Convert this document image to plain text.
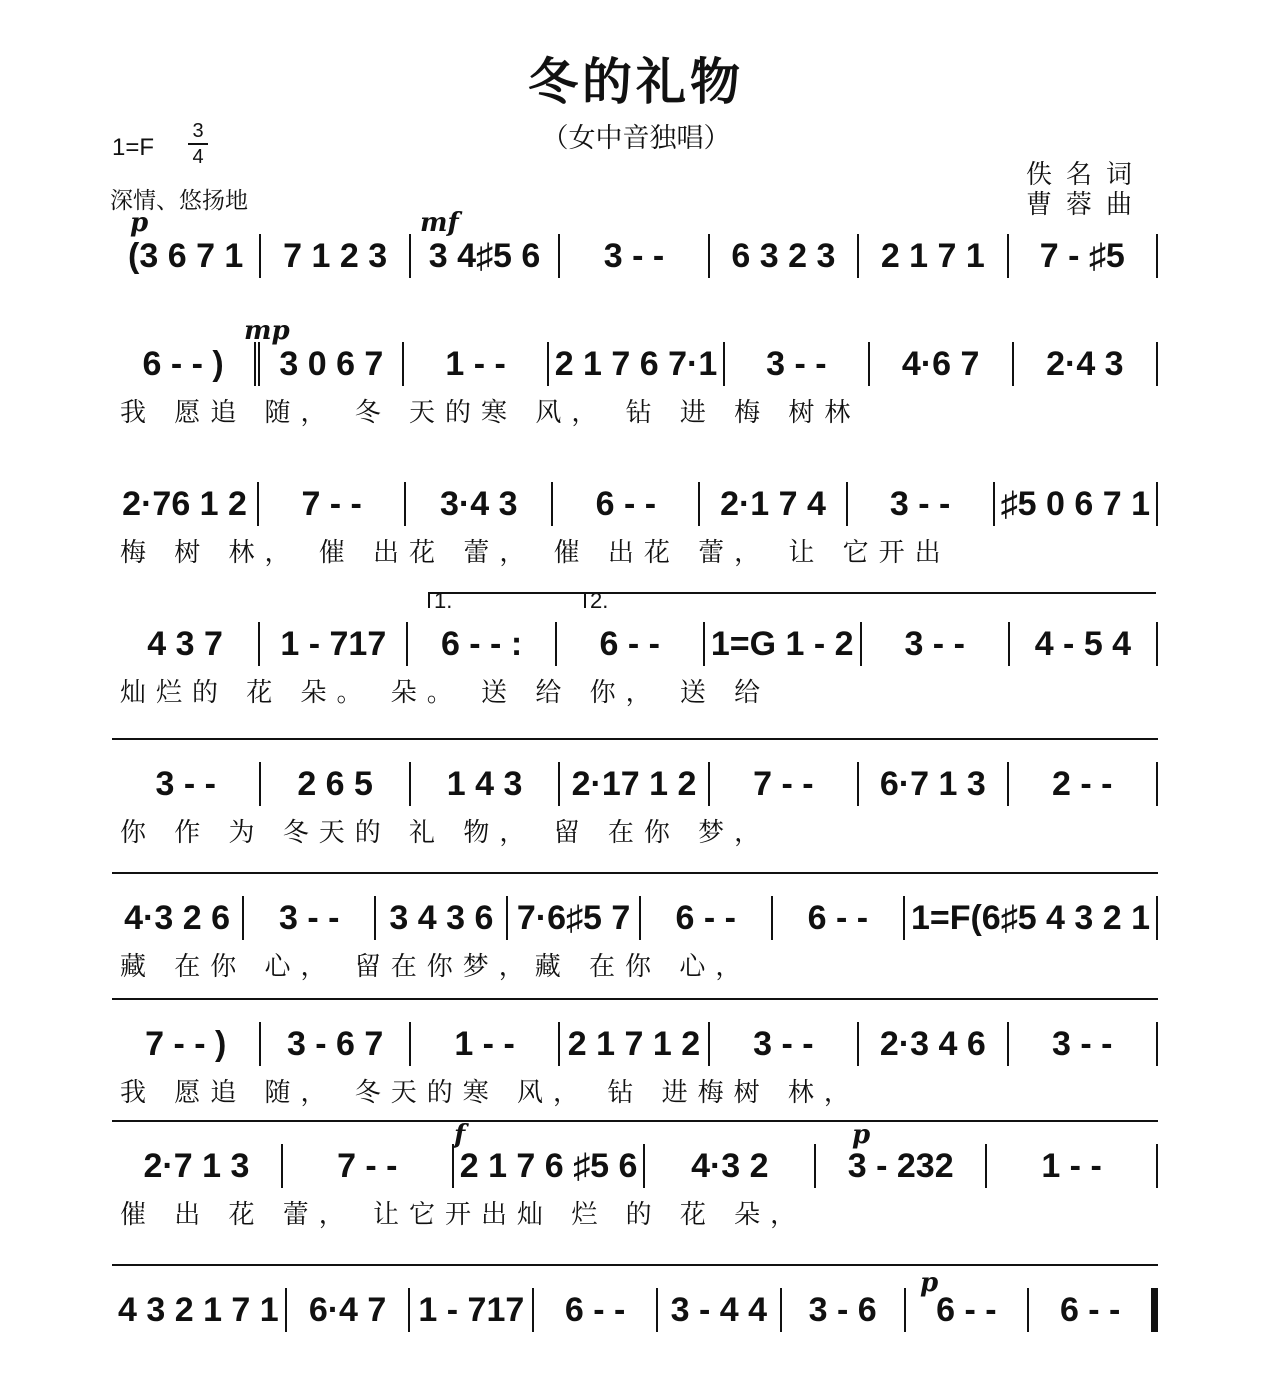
冬的礼物
（女中音独唱）
1=F
3
4
深情、悠扬地
佚名词
曹蓉曲
p	mf
(3 6 7 1 7 1 2 3 3 4♯5 6 3 - - 6 3 2 3 2 1 7 1 7 - ♯5
mp
6 - - ) 3 0 6 7 1 - - 2 1 7 6 7·1 3 - - 4·6 7 2·4 3
我 愿追 随， 冬 天的寒 风， 钻 进 梅 树林
2·76 1 2 7 - - 3·4 3 6 - - 2·1 7 4 3 - - ♯5 0 6 7 1
梅 树 林， 催 出花 蕾， 催 出花 蕾， 让 它开出
1.	2.
4 3 7 1 - 717 6 - - : 6 - - 1=G 1 - 2 3 - - 4 - 5 4
灿烂的 花 朵。 朵。 送 给 你， 送 给
3 - - 2 6 5 1 4 3 2·17 1 2 7 - - 6·7 1 3 2 - -
你 作 为 冬天的 礼 物， 留 在你 梦，
4·3 2 6 3 - - 3 4 3 6 7·6♯5 7 6 - - 6 - - 1=F(6♯5 4 3 2 1
藏 在你 心， 留在你梦，藏 在你 心，
7 - - ) 3 - 6 7 1 - - 2 1 7 1 2 3 - - 2·3 4 6 3 - -
我 愿追 随， 冬天的寒 风， 钻 进梅树 林，
f	p
2·7 1 3	7 - - 2 1 7 6 ♯5 6 4·3 2 3 - 232	1 - -
催 出 花 蕾， 让它开出灿 烂 的 花 朵，
p
4 3 2 1 7 1 6·4 7 1 - 717 6 - - 3 - 4 4 3 - 6 6 - - 6 - -
